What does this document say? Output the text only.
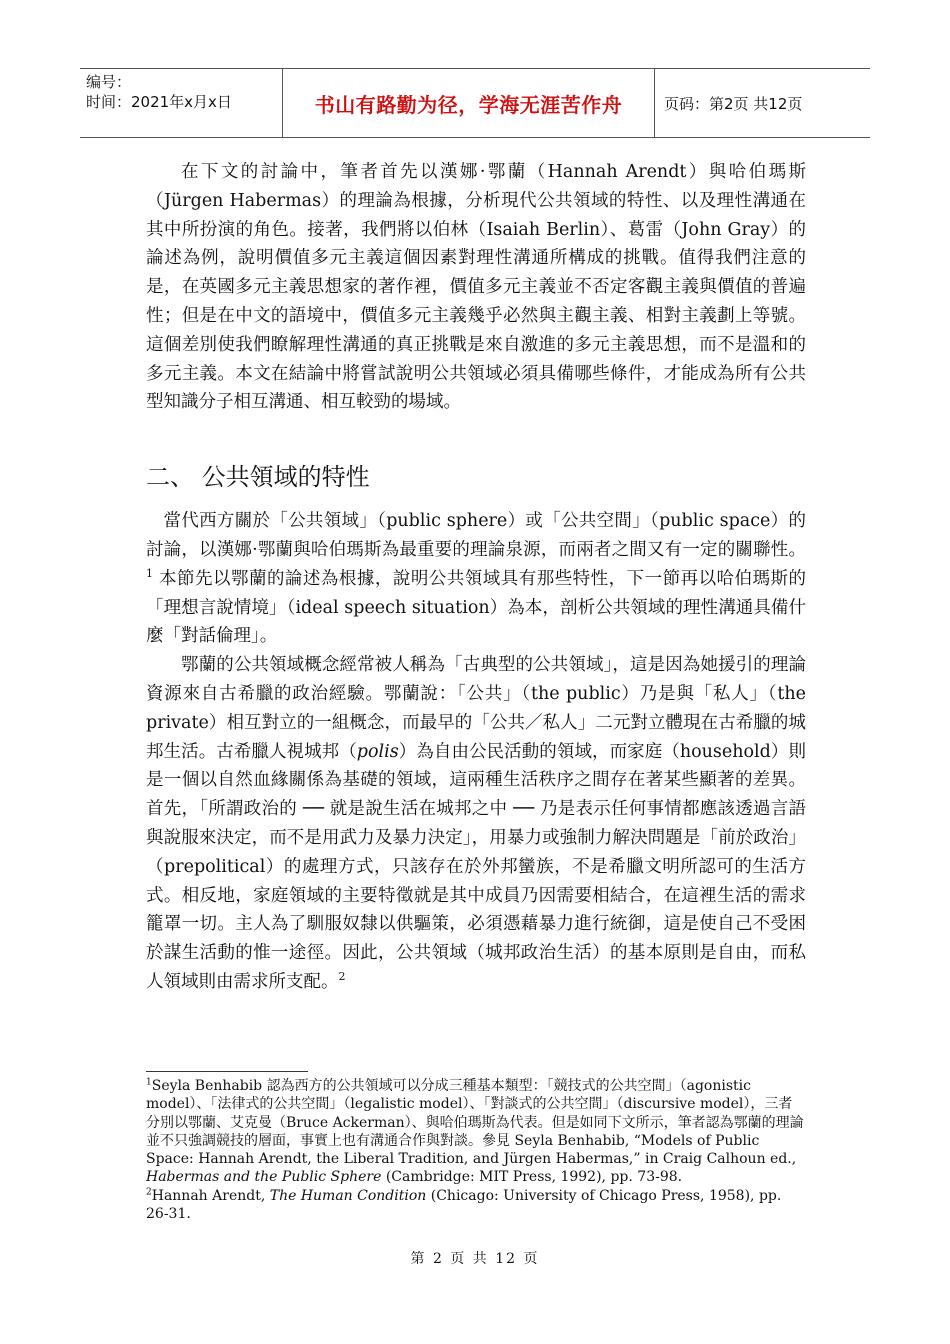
编号：
时间：2021年x月x日	书山有路勤为径，学海无涯苦作舟	页码：第2页 共12页

在下文的討論中，筆者首先以漢娜·鄂蘭（Hannah Arendt）與哈伯瑪斯（Jürgen Habermas）的理論為根據，分析現代公共領域的特性、以及理性溝通在其中所扮演的角色。接著，我們將以伯林（Isaiah Berlin）、葛雷（John Gray）的論述為例，說明價值多元主義這個因素對理性溝通所構成的挑戰。值得我們注意的是，在英國多元主義思想家的著作裡，價值多元主義並不否定客觀主義與價值的普遍性；但是在中文的語境中，價值多元主義幾乎必然與主觀主義、相對主義劃上等號。這個差別使我們瞭解理性溝通的真正挑戰是來自激進的多元主義思想，而不是溫和的多元主義。本文在結論中將嘗試說明公共領域必須具備哪些條件，才能成為所有公共型知識分子相互溝通、相互較勁的場域。

二、 公共領域的特性

當代西方關於「公共領域」（public sphere）或「公共空間」（public space）的討論，以漢娜·鄂蘭與哈伯瑪斯為最重要的理論泉源，而兩者之間又有一定的關聯性。$^1$ 本節先以鄂蘭的論述為根據，說明公共領域具有那些特性，下一節再以哈伯瑪斯的「理想言說情境」（ideal speech situation）為本，剖析公共領域的理性溝通具備什麼「對話倫理」。

鄂蘭的公共領域概念經常被人稱為「古典型的公共領域」，這是因為她援引的理論資源來自古希臘的政治經驗。鄂蘭說：「公共」（the public）乃是與「私人」（the private）相互對立的一組概念，而最早的「公共／私人」二元對立體現在古希臘的城邦生活。古希臘人視城邦（polis）為自由公民活動的領域，而家庭（household）則是一個以自然血緣關係為基礎的領域，這兩種生活秩序之間存在著某些顯著的差異。首先，「所謂政治的 ── 就是說生活在城邦之中 ── 乃是表示任何事情都應該透過言語與說服來決定，而不是用武力及暴力決定」，用暴力或強制力解決問題是「前於政治」（prepolitical）的處理方式，只該存在於外邦蠻族，不是希臘文明所認可的生活方式。相反地，家庭領域的主要特徵就是其中成員乃因需要相結合，在這裡生活的需求籠罩一切。主人為了馴服奴隸以供驅策，必須憑藉暴力進行統御，這是使自己不受困於謀生活動的惟一途徑。因此，公共領域（城邦政治生活）的基本原則是自由，而私人領域則由需求所支配。$^2$

$^1$Seyla Benhabib 認為西方的公共領域可以分成三種基本類型：「競技式的公共空間」（agonistic model）、「法律式的公共空間」（legalistic model）、「對談式的公共空間」（discursive model），三者分別以鄂蘭、艾克曼（Bruce Ackerman）、與哈伯瑪斯為代表。但是如同下文所示，筆者認為鄂蘭的理論並不只強調競技的層面，事實上也有溝通合作與對談。參見 Seyla Benhabib, “Models of Public Space: Hannah Arendt, the Liberal Tradition, and Jürgen Habermas,” in Craig Calhoun ed., Habermas and the Public Sphere (Cambridge: MIT Press, 1992), pp. 73-98.

$^2$Hannah Arendt, The Human Condition (Chicago: University of Chicago Press, 1958), pp. 26-31.

第 2 页 共 12 页
